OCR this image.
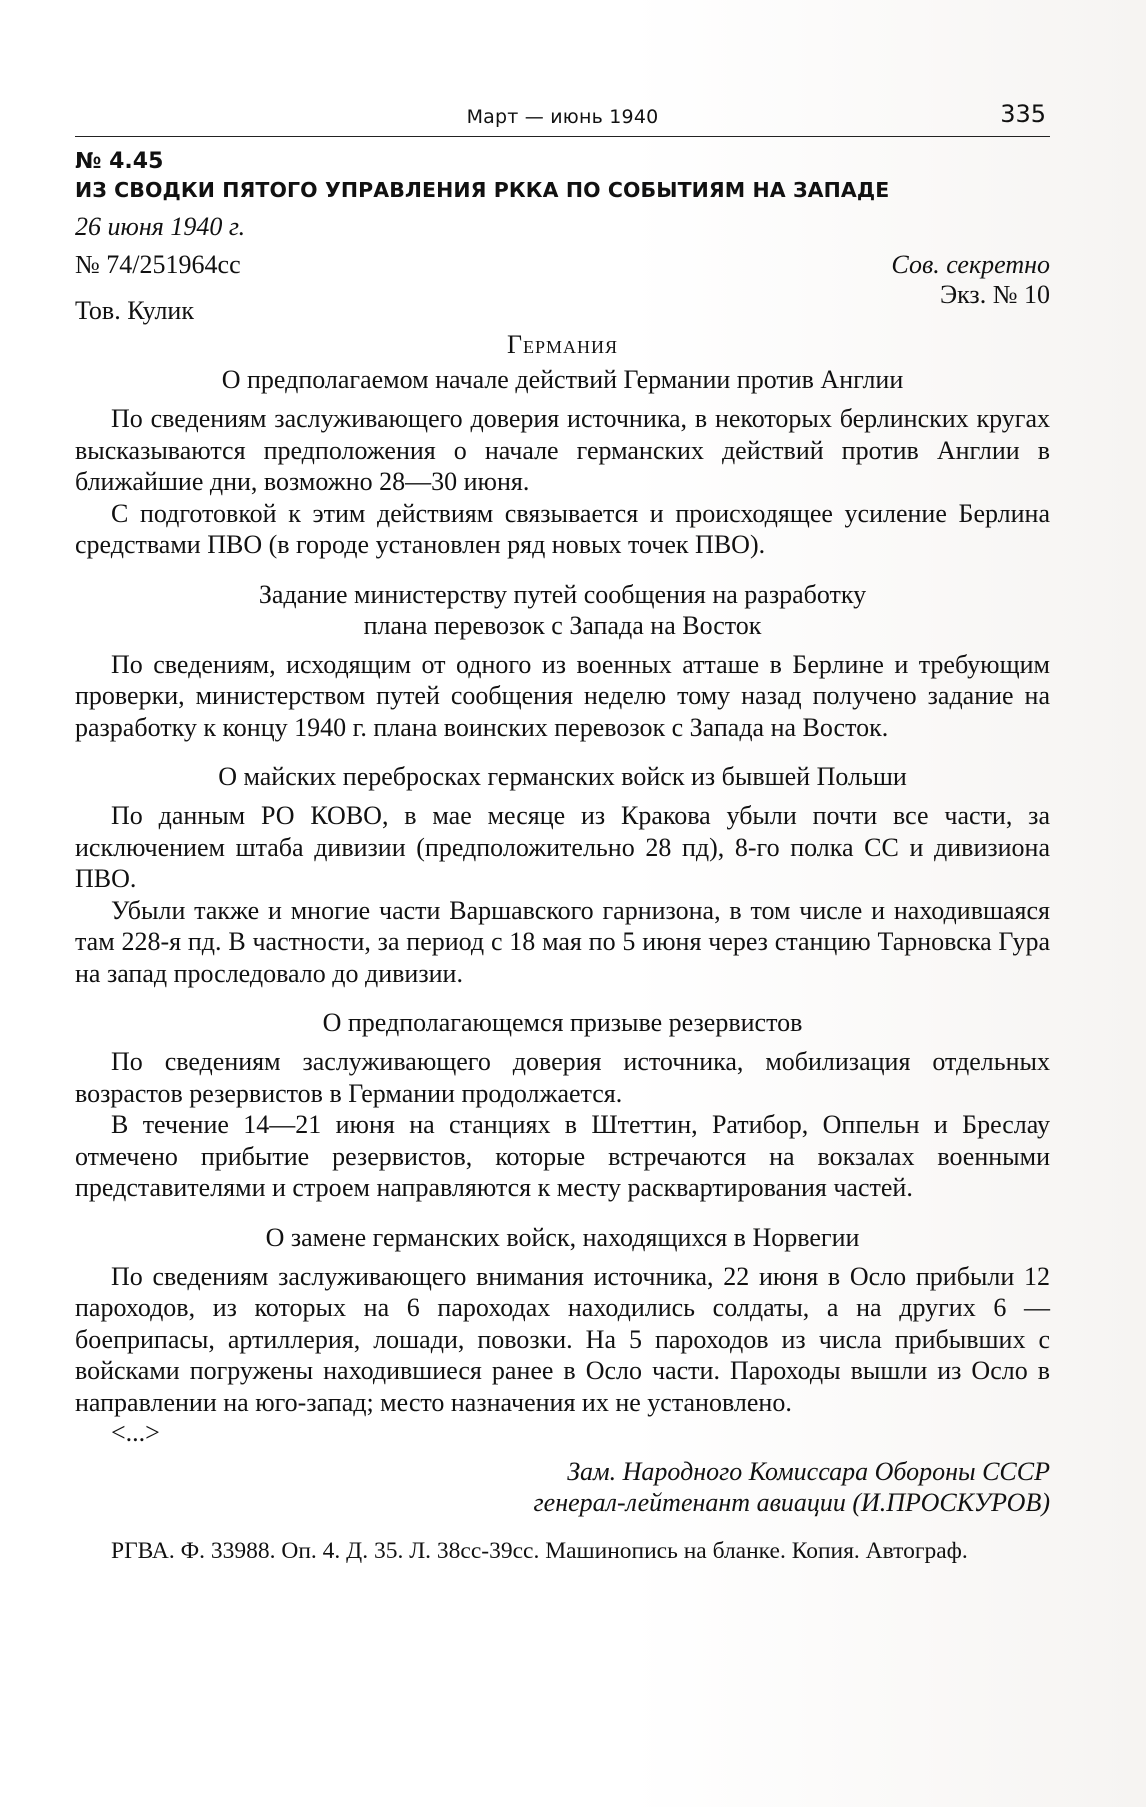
Март — июнь 1940	335
№ 4.45
ИЗ СВОДКИ ПЯТОГО УПРАВЛЕНИЯ РККА ПО СОБЫТИЯМ НА ЗАПАДЕ
26 июня 1940 г.
№ 74/251964сс	Сов. секретно
Тов. Кулик
Экз. № 10
Германия
О предполагаемом начале действий Германии против Англии

По сведениям заслуживающего доверия источника, в некоторых берлинских кругах высказываются предположения о начале германских действий против Англии в ближайшие дни, возможно 28—30 июня.

С подготовкой к этим действиям связывается и происходящее усиление Берлина средствами ПВО (в городе установлен ряд новых точек ПВО).

Задание министерству путей сообщения на разработку
плана перевозок с Запада на Восток

По сведениям, исходящим от одного из военных атташе в Берлине и требующим проверки, министерством путей сообщения неделю тому назад получено задание на разработку к концу 1940 г. плана воинских перевозок с Запада на Восток.

О майских перебросках германских войск из бывшей Польши

По данным РО КОВО, в мае месяце из Кракова убыли почти все части, за исключением штаба дивизии (предположительно 28 пд), 8-го полка СС и дивизиона ПВО.

Убыли также и многие части Варшавского гарнизона, в том числе и находившаяся там 228-я пд. В частности, за период с 18 мая по 5 июня через станцию Тарновска Гура на запад проследовало до дивизии.

О предполагающемся призыве резервистов

По сведениям заслуживающего доверия источника, мобилизация отдельных возрастов резервистов в Германии продолжается.

В течение 14—21 июня на станциях в Штеттин, Ратибор, Оппельн и Бреслау отмечено прибытие резервистов, которые встречаются на вокзалах военными представителями и строем направляются к месту расквартирования частей.

О замене германских войск, находящихся в Норвегии

По сведениям заслуживающего внимания источника, 22 июня в Осло прибыли 12 пароходов, из которых на 6 пароходах находились солдаты, а на других 6 — боеприпасы, артиллерия, лошади, повозки. На 5 пароходов из числа прибывших с войсками погружены находившиеся ранее в Осло части. Пароходы вышли из Осло в направлении на юго-запад; место назначения их не установлено.

<...>
Зам. Народного Комиссара Обороны СССР
генерал-лейтенант авиации (И.ПРОСКУРОВ)
РГВА. Ф. 33988. Оп. 4. Д. 35. Л. 38сс-39сс. Машинопись на бланке. Копия. Автограф.
